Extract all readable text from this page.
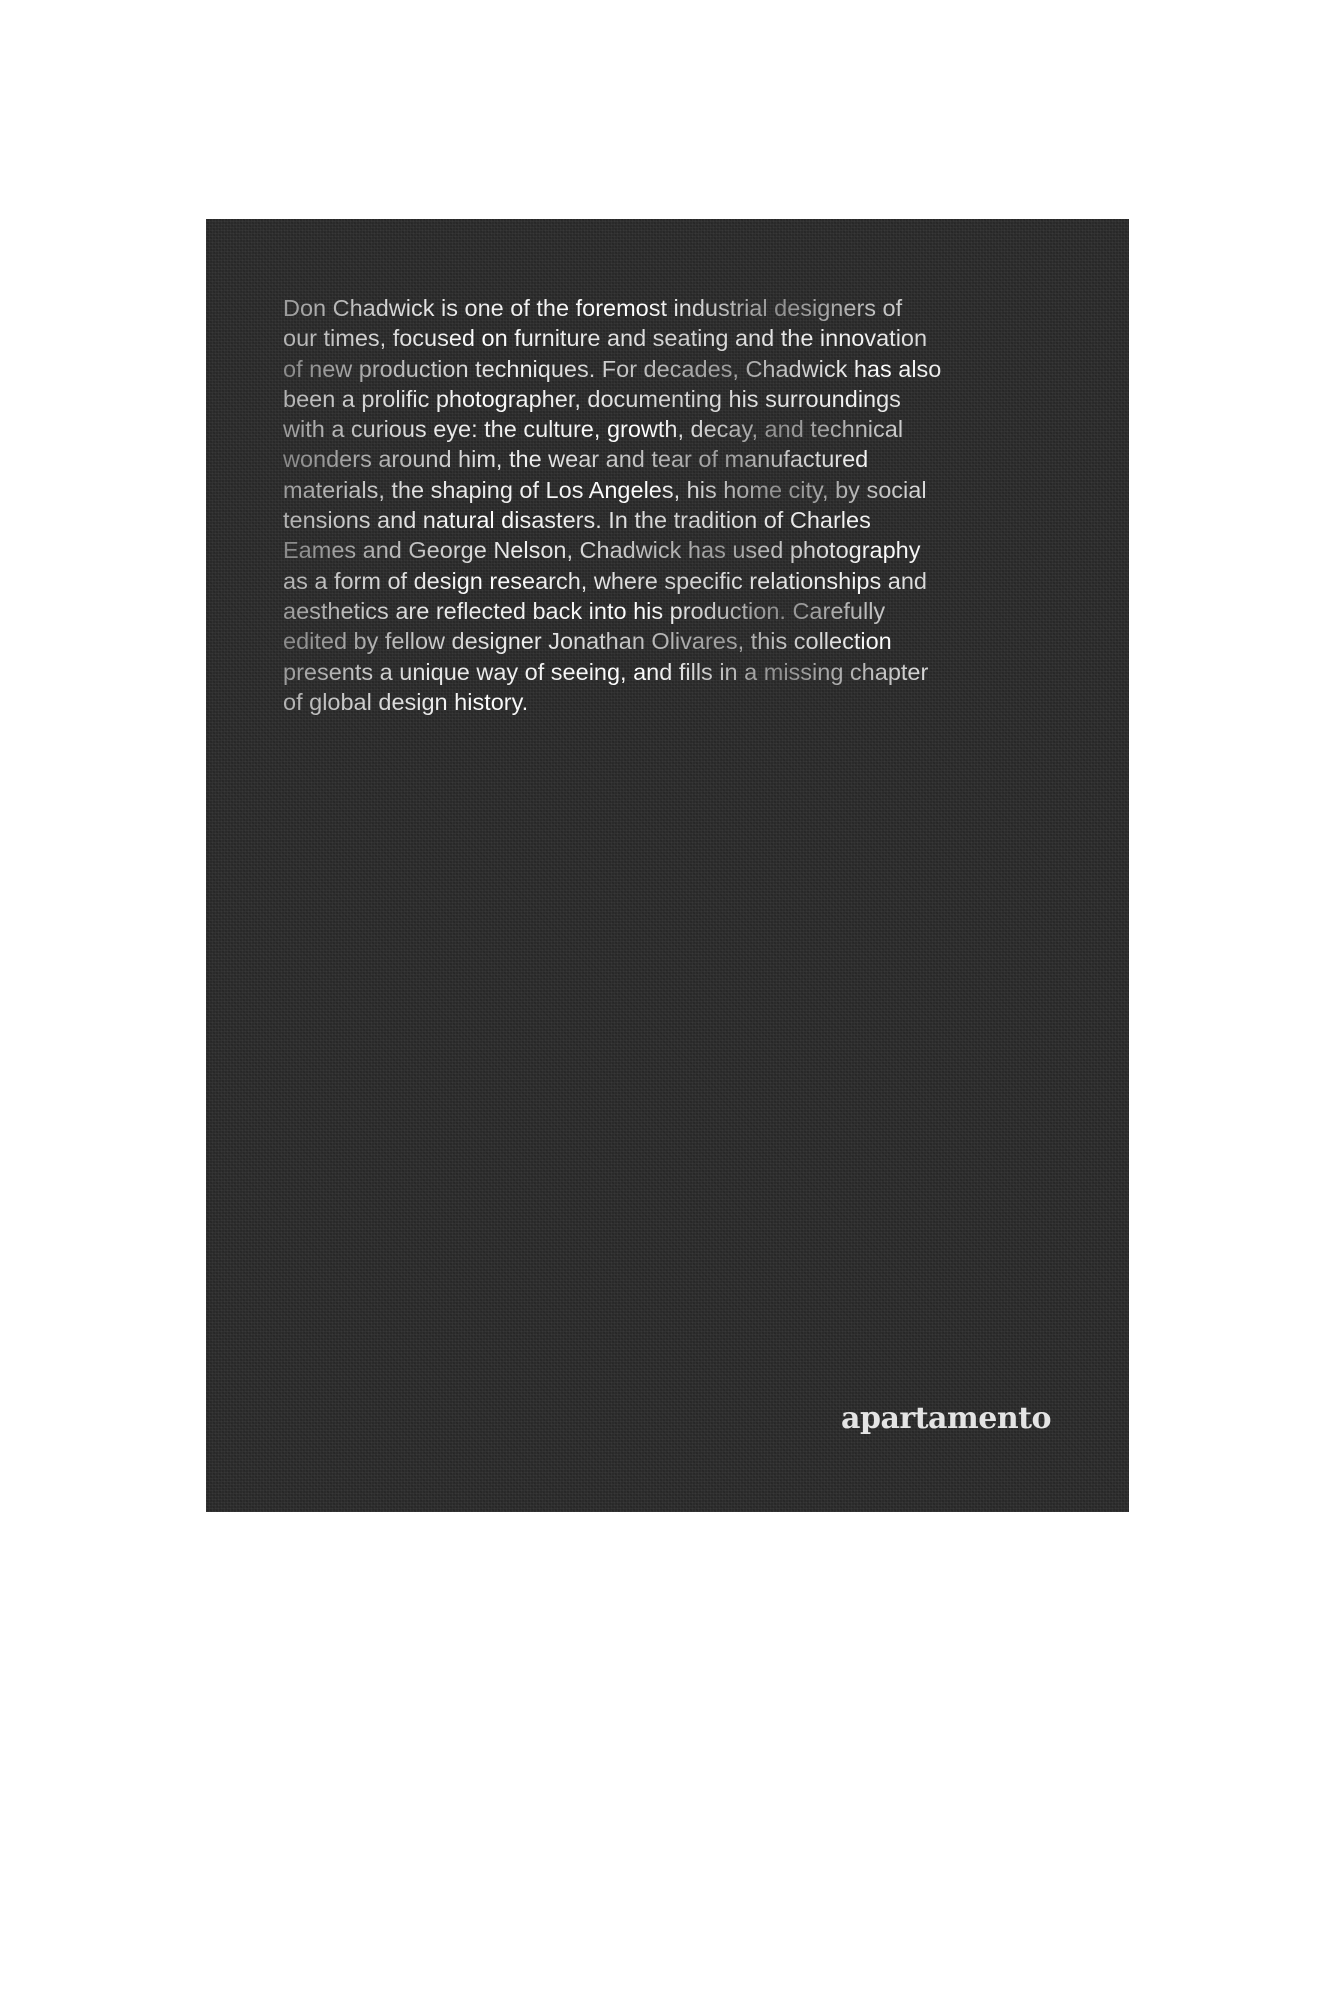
Don Chadwick is one of the foremost industrial designers of
our times, focused on furniture and seating and the innovation
of new production techniques. For decades, Chadwick has also
been a prolific photographer, documenting his surroundings
with a curious eye: the culture, growth, decay, and technical
wonders around him, the wear and tear of manufactured
materials, the shaping of Los Angeles, his home city, by social
tensions and natural disasters. In the tradition of Charles
Eames and George Nelson, Chadwick has used photography
as a form of design research, where specific relationships and
aesthetics are reflected back into his production. Carefully
edited by fellow designer Jonathan Olivares, this collection
presents a unique way of seeing, and fills in a missing chapter
of global design history.

apartamento
